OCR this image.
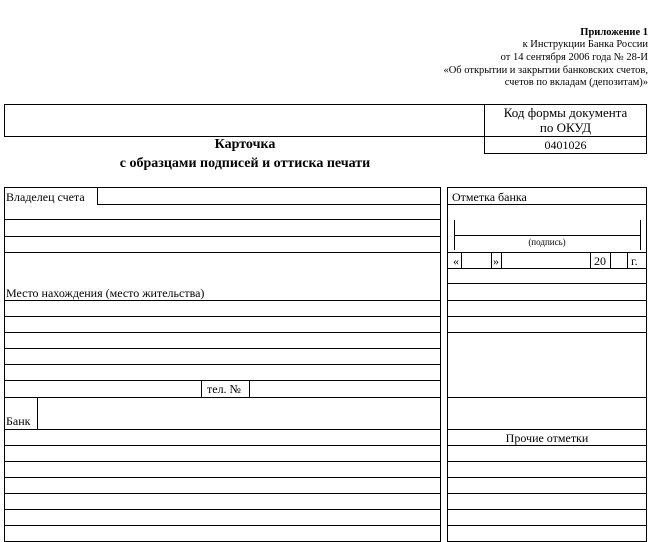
Приложение 1
к Инструкции Банка России
от 14 сентября 2006 года № 28-И
«Об открытии и закрытии банковских счетов,
счетов по вкладам (депозитам)»
Код формы документа
по ОКУД
0401026
Карточка
с образцами подписей и оттиска печати
Владелец счета
Место нахождения (место жительства)
тел. №
Банк
Отметка банка
(подпись)
«	»	20 г.
Прочие отметки
